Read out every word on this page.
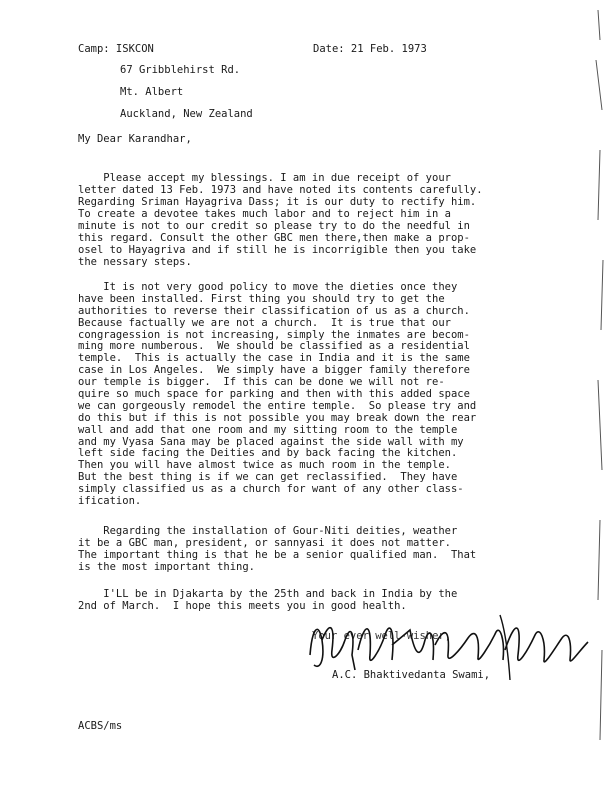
Camp: ISKCON	Date: 21 Feb. 1973
67 Gribblehirst Rd.
Mt. Albert
Auckland, New Zealand
My Dear Karandhar,
Please accept my blessings. I am in due receipt of your
letter dated 13 Feb. 1973 and have noted its contents carefully.
Regarding Sriman Hayagriva Dass; it is our duty to rectify him.
To create a devotee takes much labor and to reject him in a
minute is not to our credit so please try to do the needful in
this regard. Consult the other GBC men there,then make a prop-
osel to Hayagriva and if still he is incorrigible then you take
the nessary steps.
It is not very good policy to move the dieties once they
have been installed. First thing you should try to get the
authorities to reverse their classification of us as a church.
Because factually we are not a church.  It is true that our
congragession is not increasing, simply the inmates are becom-
ming more numberous.  We should be classified as a residential
temple.  This is actually the case in India and it is the same
case in Los Angeles.  We simply have a bigger family therefore
our temple is bigger.  If this can be done we will not re-
quire so much space for parking and then with this added space
we can gorgeously remodel the entire temple.  So please try and
do this but if this is not possible you may break down the rear
wall and add that one room and my sitting room to the temple
and my Vyasa Sana may be placed against the side wall with my
left side facing the Deities and by back facing the kitchen.
Then you will have almost twice as much room in the temple.
But the best thing is if we can get reclassified.  They have
simply classified us as a church for want of any other class-
ification.
Regarding the installation of Gour-Niti deities, weather
it be a GBC man, president, or sannyasi it does not matter.
The important thing is that he be a senior qualified man.  That
is the most important thing.
I'LL be in Djakarta by the 25th and back in India by the
2nd of March.  I hope this meets you in good health.
Your ever well-wisher,
A.C. Bhaktivedanta Swami,
ACBS/ms
